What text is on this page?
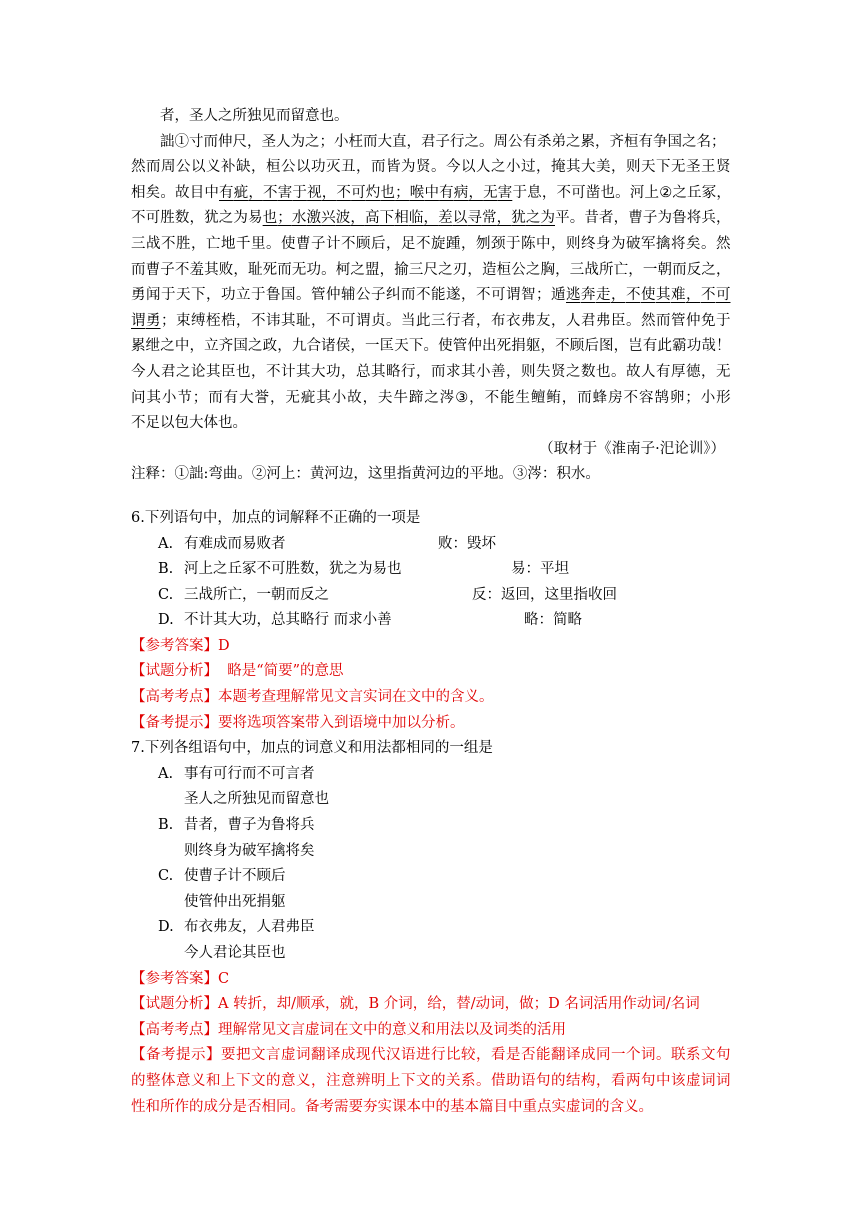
者，圣人之所独见而留意也。
詘①寸而伸尺，圣人为之；小枉而大直，君子行之。周公有杀弟之累，齐桓有争国之名；
然 而 周 公 以 义 补 缺 ， 桓 公 以 功 灭 丑 ， 而 皆 为 贤 。 今 以 人 之 小 过 ， 掩 其 大 美 ， 则 天 下 无 圣 王 贤
相 矣 。 故 目 中 有 疵 ， 不 害 于 视 ， 不 可 灼 也 ； 喉 中 有 病 ， 无 害 于 息 ， 不 可 凿 也 。 河 上 ② 之 丘 冢 ，
不 可 胜 数 ， 犹 之 为 易 也 ； 水 激 兴 波 ， 高 下 相 临 ， 差 以 寻 常 ， 犹 之 为 平 。 昔 者 ， 曹 子 为 鲁 将 兵 ，
三 战 不 胜 ， 亡 地 千 里 。 使 曹 子 计 不 顾 后 ， 足 不 旋 踵 ， 刎 颈 于 陈 中 ， 则 终 身 为 破 军 擒 将 矣 。 然
而 曹 子 不 羞 其 败 ， 耻 死 而 无 功 。 柯 之 盟 ， 揄 三 尺 之 刃 ， 造 桓 公 之 胸 ， 三 战 所 亡 ， 一 朝 而 反 之 ，
勇 闻 于 天 下 ， 功 立 于 鲁 国 。 管 仲 辅 公 子 纠 而 不 能 遂 ， 不 可 谓 智 ； 遁 逃 奔 走 ， 不 使 其 难 ， 不 可
谓 勇 ； 束 缚 桎 梏 ， 不 讳 其 耻 ， 不 可 谓 贞 。 当 此 三 行 者 ， 布 衣 弗 友 ， 人 君 弗 臣 。 然 而 管 仲 免 于
累 绁 之 中 ， 立 齐 国 之 政 ， 九 合 诸 侯 ， 一 匡 天 下 。 使 管 仲 出 死 捐 躯 ， 不 顾 后 图 ， 岂 有 此 霸 功 哉 ！
今 人 君 之 论 其 臣 也 ， 不 计 其 大 功 ， 总 其 略 行 ， 而 求 其 小 善 ， 则 失 贤 之 数 也 。 故 人 有 厚 德 ， 无
问 其 小 节 ； 而 有 大 誉 ， 无 疵 其 小 故 ， 夫 牛 蹄 之 涔 ③ ， 不 能 生 鳣 鲔 ， 而 蜂 房 不 容 鹄 卵 ； 小 形
不足以包大体也。
（取材于《淮南子·汜论训》）
注释：①詘:弯曲。②河上：黄河边，这里指黄河边的平地。③涔：积水。
6.下列语句中，加点的词解释不正确的一项是
A. 有难成而易败者	败：毁坏
B. 河上之丘冢不可胜数，犹之为易也	易：平坦
C. 三战所亡，一朝而反之	反：返回，这里指收回
D. 不计其大功，总其略行 而求小善	略：简略
【参考答案】D
【试题分析】  略是“简要”的意思
【高考考点】本题考查理解常见文言实词在文中的含义。
【备考提示】要将选项答案带入到语境中加以分析。
7.下列各组语句中，加点的词意义和用法都相同的一组是
A. 事有可行而不可言者
圣人之所独见而留意也
B. 昔者，曹子为鲁将兵
则终身为破军擒将矣
C. 使曹子计不顾后
使管仲出死捐躯
D. 布衣弗友，人君弗臣
今人君论其臣也
【参考答案】C
【试题分析】A 转折，却/顺承，就，B 介词，给，替/动词，做；D 名词活用作动词/名词
【高考考点】理解常见文言虚词在文中的意义和用法以及词类的活用
【 备 考 提 示 】 要 把 文 言 虚 词 翻 译 成 现 代 汉 语 进 行 比 较 ， 看 是 否 能 翻 译 成 同 一 个 词 。 联 系 文 句
的 整 体 意 义 和 上 下 文 的 意 义 ， 注 意 辨 明 上 下 文 的 关 系 。 借 助 语 句 的 结 构 ， 看 两 句 中 该 虚 词 词
性和所作的成分是否相同。备考需要夯实课本中的基本篇目中重点实虚词的含义。
